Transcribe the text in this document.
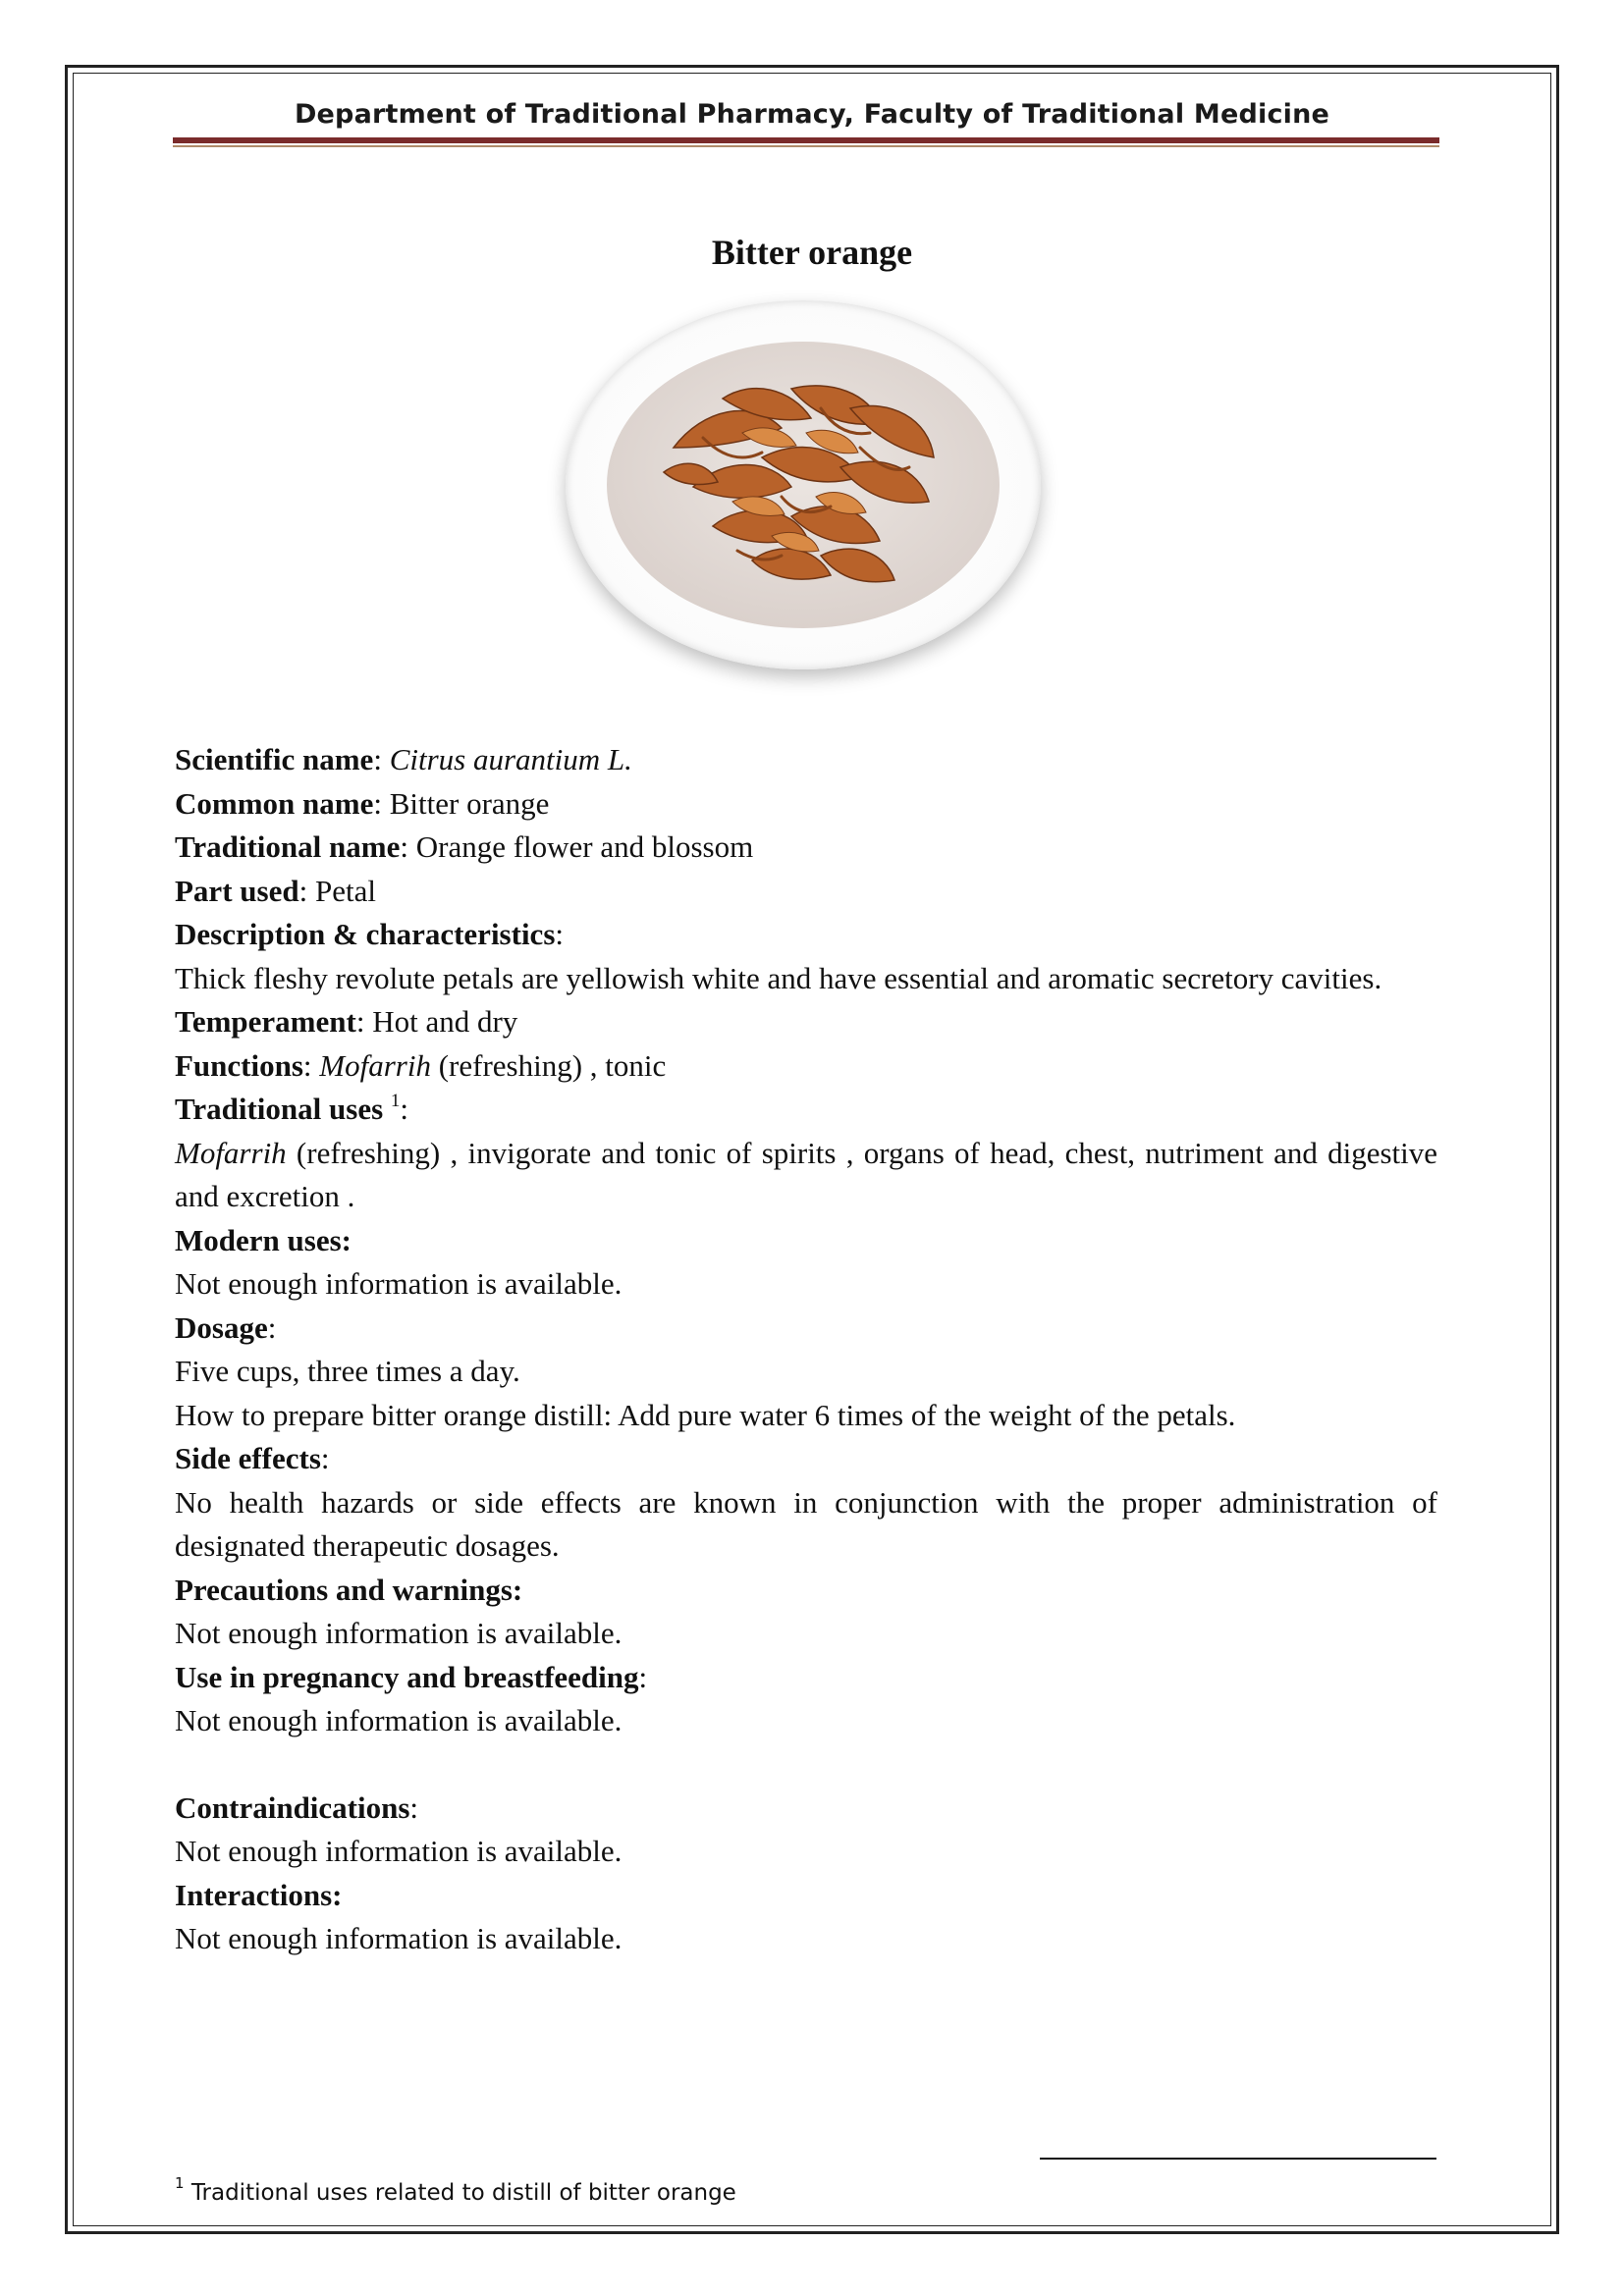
Department of Traditional Pharmacy, Faculty of Traditional Medicine
Bitter orange

Scientific name: Citrus aurantium L.

Common name: Bitter orange

Traditional name: Orange flower and blossom

Part used: Petal

Description & characteristics:

Thick fleshy revolute petals are yellowish white and have essential and aromatic secretory cavities.

Temperament: Hot and dry

Functions: Mofarrih (refreshing) , tonic

Traditional uses $^1$:

Mofarrih (refreshing) , invigorate and tonic of spirits , organs of head, chest, nutriment and digestive and excretion .

Modern uses:

Not enough information is available.

Dosage:

Five cups, three times a day.

How to prepare bitter orange distill: Add pure water 6 times of the weight of the petals.

Side effects:

No health hazards or side effects are known in conjunction with the proper administration of designated therapeutic dosages.

Precautions and warnings:

Not enough information is available.

Use in pregnancy and breastfeeding:

Not enough information is available.

Contraindications:

Not enough information is available.

Interactions:

Not enough information is available.

$^1$ Traditional uses related to distill of bitter orange
